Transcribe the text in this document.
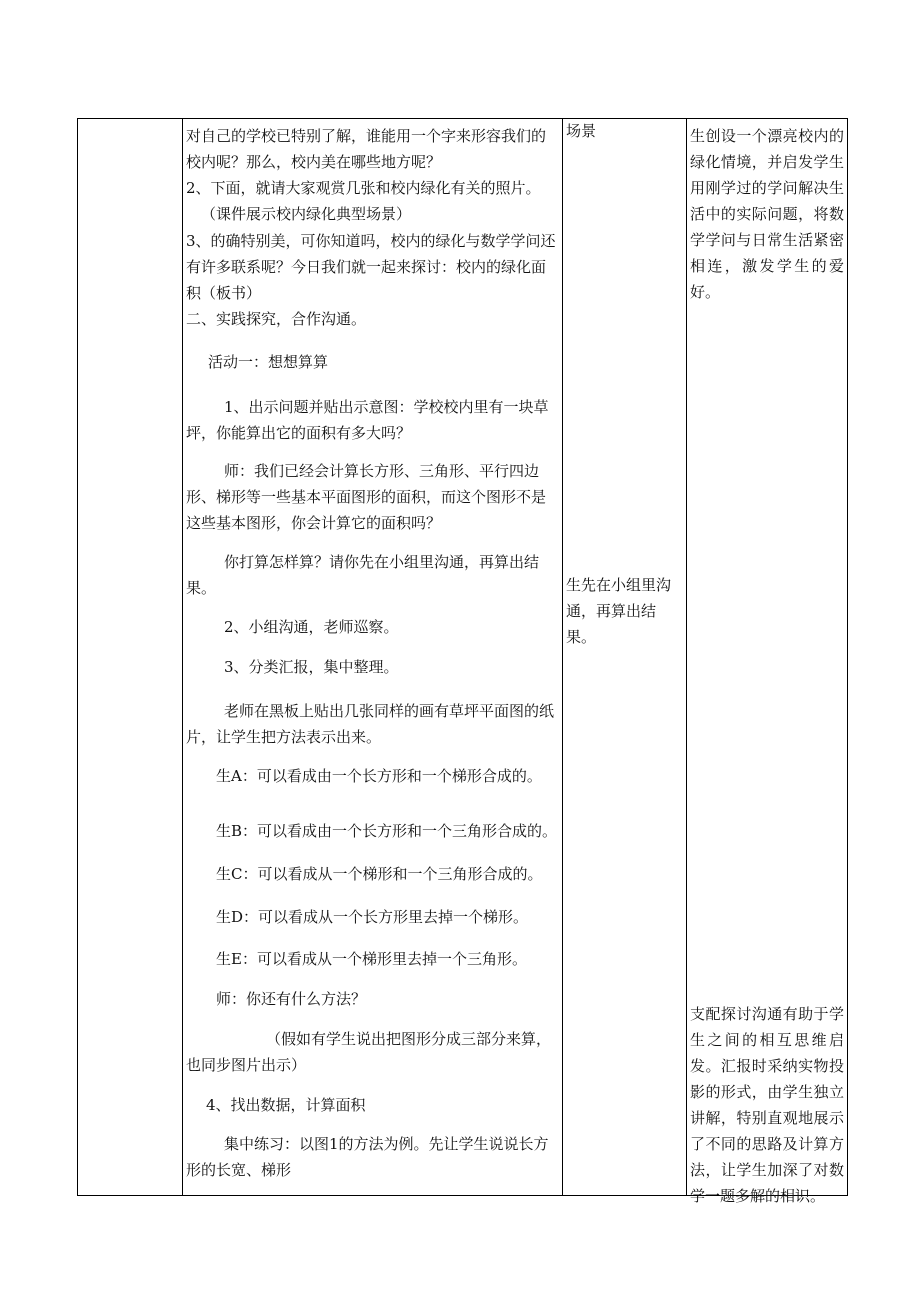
对自己的学校已特别了解，谁能用一个字来形容我们的校内呢？那么，校内美在哪些地方呢？

2、下面，就请大家观赏几张和校内绿化有关的照片。

（课件展示校内绿化典型场景）

3、的确特别美，可你知道吗，校内的绿化与数学学问还有许多联系呢？今日我们就一起来探讨：校内的绿化面积（板书）

二、实践探究，合作沟通。

活动一：想想算算

1、出示问题并贴出示意图：学校校内里有一块草坪，你能算出它的面积有多大吗？

师：我们已经会计算长方形、三角形、平行四边形、梯形等一些基本平面图形的面积，而这个图形不是这些基本图形，你会计算它的面积吗？

你打算怎样算？请你先在小组里沟通，再算出结果。

2、小组沟通，老师巡察。

3、分类汇报，集中整理。

老师在黑板上贴出几张同样的画有草坪平面图的纸片，让学生把方法表示出来。

生A：可以看成由一个长方形和一个梯形合成的。

生B：可以看成由一个长方形和一个三角形合成的。

生C：可以看成从一个梯形和一个三角形合成的。

生D：可以看成从一个长方形里去掉一个梯形。

生E：可以看成从一个梯形里去掉一个三角形。

师：你还有什么方法？

（假如有学生说出把图形分成三部分来算，也同步图片出示）

4、找出数据，计算面积

集中练习：以图1的方法为例。先让学生说说长方形的长宽、梯形

场景

生先在小组里沟通，再算出结果。

生创设一个漂亮校内的绿化情境，并启发学生用刚学过的学问解决生活中的实际问题，将数学学问与日常生活紧密相连，激发学生的爱好。

支配探讨沟通有助于学生之间的相互思维启发。汇报时采纳实物投影的形式，由学生独立讲解，特别直观地展示了不同的思路及计算方法，让学生加深了对数学一题多解的相识。
